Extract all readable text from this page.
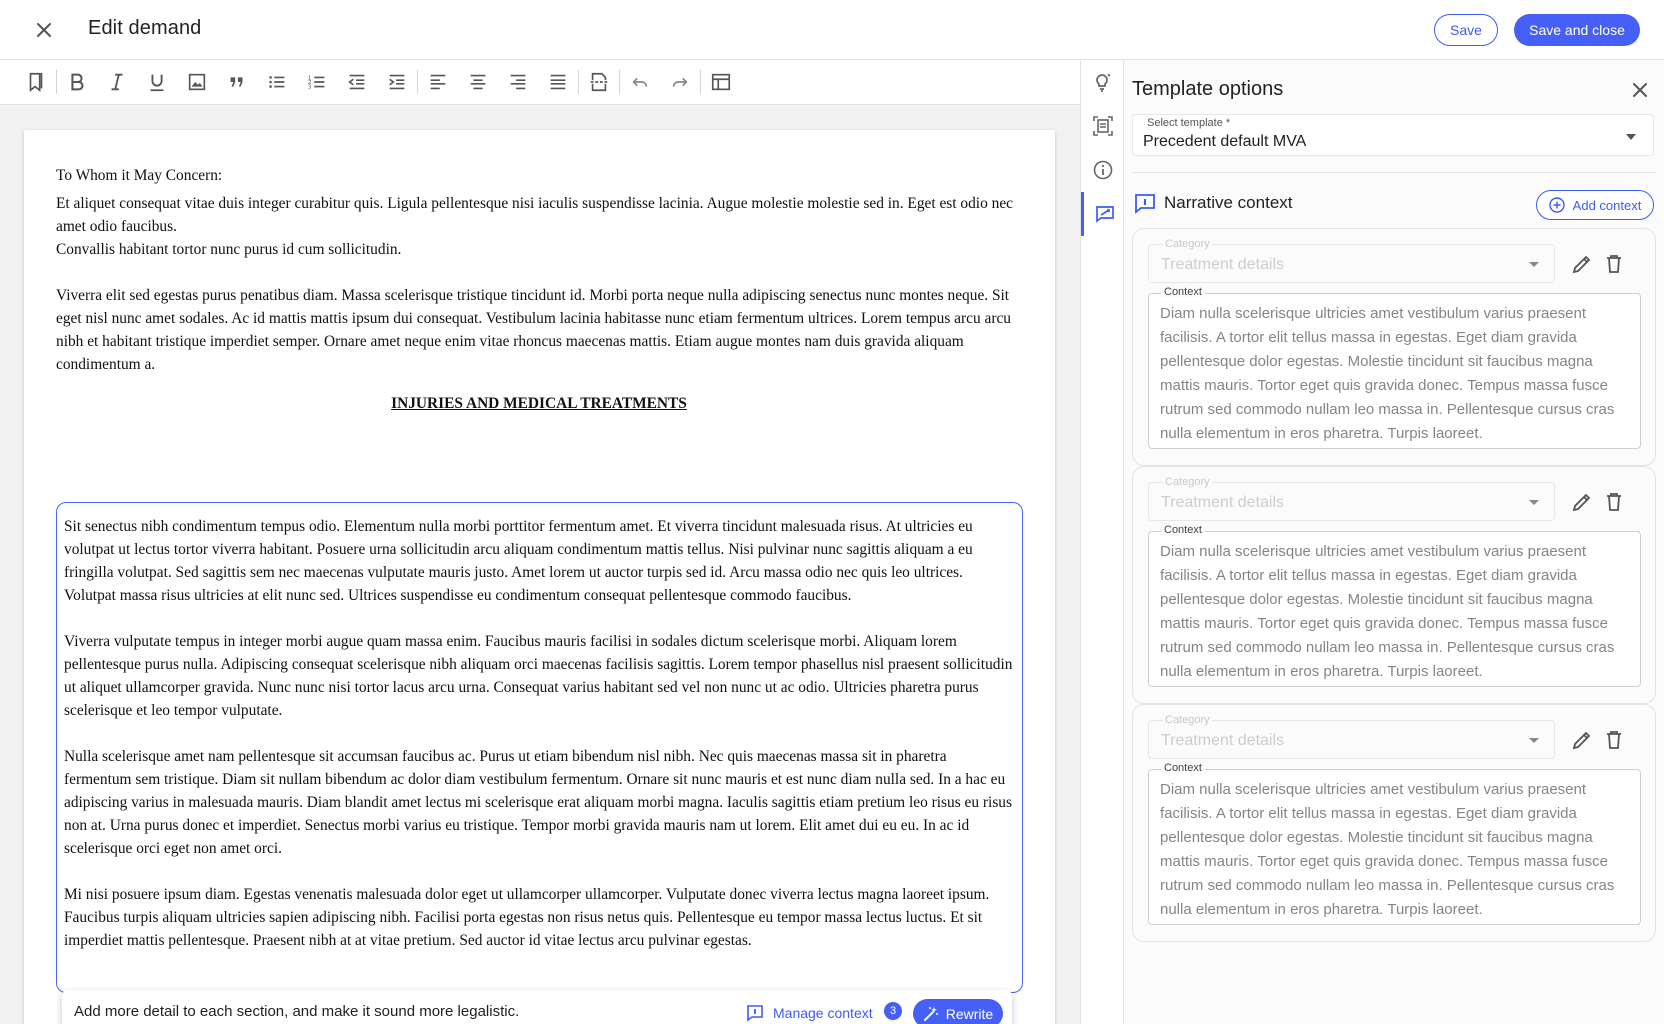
Edit demand	Save	Save and close
1
2
3

To Whom it May Concern:

Et aliquet consequat vitae duis integer curabitur quis. Ligula pellentesque nisi iaculis suspendisse lacinia. Augue molestie molestie sed in. Eget est odio nec amet odio faucibus.

Convallis habitant tortor nunc purus id cum sollicitudin.

Viverra elit sed egestas purus penatibus diam. Massa scelerisque tristique tincidunt id. Morbi porta neque nulla adipiscing senectus nunc montes neque. Sit eget nisl nunc amet sodales. Ac id mattis mattis ipsum dui consequat. Vestibulum lacinia habitasse nunc etiam fermentum ultrices. Lorem tempus arcu arcu nibh et habitant tristique imperdiet semper. Ornare amet neque enim vitae rhoncus maecenas mattis. Etiam augue montes nam duis gravida aliquam condimentum a.

INJURIES AND MEDICAL TREATMENTS

Sit senectus nibh condimentum tempus odio. Elementum nulla morbi porttitor fermentum amet. Et viverra tincidunt malesuada risus. At ultricies eu volutpat ut lectus tortor viverra habitant. Posuere urna sollicitudin arcu aliquam condimentum mattis tellus. Nisi pulvinar nunc sagittis aliquam a eu fringilla volutpat. Sed sagittis sem nec maecenas vulputate mauris justo. Amet lorem ut auctor turpis sed id. Arcu massa odio nec quis leo ultrices. Volutpat massa risus ultricies at elit nunc sed. Ultrices suspendisse eu condimentum consequat pellentesque commodo faucibus.

Viverra vulputate tempus in integer morbi augue quam massa enim. Faucibus mauris facilisi in sodales dictum scelerisque morbi. Aliquam lorem pellentesque purus nulla. Adipiscing consequat scelerisque nibh aliquam orci maecenas facilisis sagittis. Lorem tempor phasellus nisl praesent sollicitudin ut aliquet ullamcorper gravida. Nunc nunc nisi tortor lacus arcu urna. Consequat varius habitant sed vel non nunc ut ac odio. Ultricies pharetra purus scelerisque et leo tempor vulputate.

Nulla scelerisque amet nam pellentesque sit accumsan faucibus ac. Purus ut etiam bibendum nisl nibh. Nec quis maecenas massa sit in pharetra fermentum sem tristique. Diam sit nullam bibendum ac dolor diam vestibulum fermentum. Ornare sit nunc mauris et est nunc diam nulla sed. In a hac eu adipiscing varius in malesuada mauris. Diam blandit amet lectus mi scelerisque erat aliquam morbi magna. Iaculis sagittis etiam pretium leo risus eu risus non at. Urna purus donec et imperdiet. Senectus morbi varius eu tristique. Tempor morbi gravida mauris nam ut lorem. Elit amet dui eu eu. In ac id scelerisque orci eget non amet orci.

Mi nisi posuere ipsum diam. Egestas venenatis malesuada dolor eget ut ullamcorper ullamcorper. Vulputate donec viverra lectus magna laoreet ipsum. Faucibus turpis aliquam ultricies sapien adipiscing nibh. Facilisi porta egestas non risus netus quis. Pellentesque eu tempor massa lectus luctus. Et sit imperdiet mattis pellentesque. Praesent nibh at at vitae pretium. Sed auctor id vitae lectus arcu pulvinar egestas.

Add more detail to each section, and make it sound more legalistic.	Manage context	3	Rewrite
Template options
Select template *
Precedent default MVA
Narrative context	Add context
Category
Treatment details
Context
Diam nulla scelerisque ultricies amet vestibulum varius praesent facilisis. A tortor elit tellus massa in egestas. Eget diam gravida pellentesque dolor egestas. Molestie tincidunt sit faucibus magna mattis mauris. Tortor eget quis gravida donec. Tempus massa fusce rutrum sed commodo nullam leo massa in. Pellentesque cursus cras nulla elementum in eros pharetra. Turpis laoreet.
Category
Treatment details
Context
Diam nulla scelerisque ultricies amet vestibulum varius praesent facilisis. A tortor elit tellus massa in egestas. Eget diam gravida pellentesque dolor egestas. Molestie tincidunt sit faucibus magna mattis mauris. Tortor eget quis gravida donec. Tempus massa fusce rutrum sed commodo nullam leo massa in. Pellentesque cursus cras nulla elementum in eros pharetra. Turpis laoreet.
Category
Treatment details
Context
Diam nulla scelerisque ultricies amet vestibulum varius praesent facilisis. A tortor elit tellus massa in egestas. Eget diam gravida pellentesque dolor egestas. Molestie tincidunt sit faucibus magna mattis mauris. Tortor eget quis gravida donec. Tempus massa fusce rutrum sed commodo nullam leo massa in. Pellentesque cursus cras nulla elementum in eros pharetra. Turpis laoreet.
